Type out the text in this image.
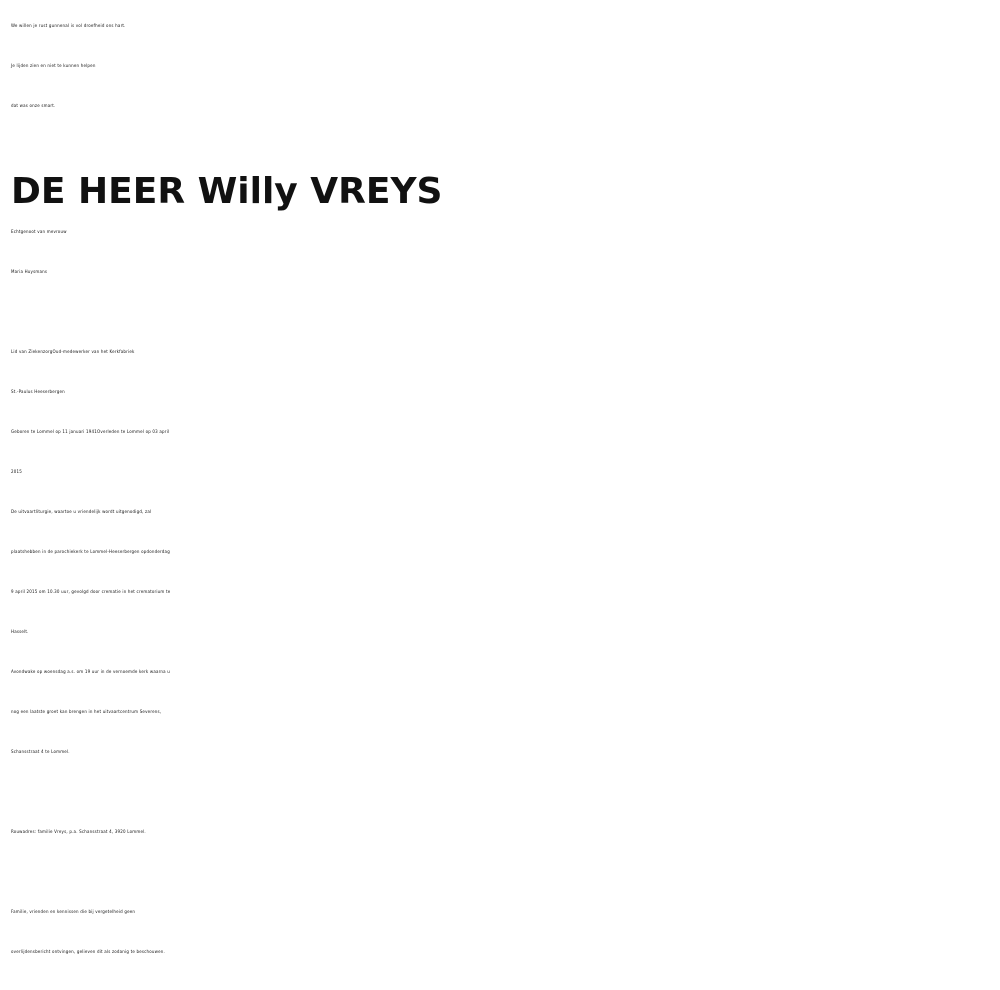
We willen je rust gunnenal is vol droefheid ons hart.
Je lijden zien en niet te kunnen helpen
dat was onze smart.
DE HEER Willy VREYS
Echtgenoot van mevrouw
Maria Huysmans
Lid van ZiekenzorgOud-medewerker van het Kerkfabriek
St.-Paulus Heeserbergen
Geboren te Lommel op 11 januari 1941Overleden te Lommel op 03 april
2015
De uitvaartliturgie, waartoe u vriendelijk wordt uitgenodigd, zal
plaatshebben in de parochiekerk te Lommel-Heeserbergen opdonderdag
9 april 2015 om 10.30 uur, gevolgd door crematie in het crematorium te
Hasselt.
Avondwake op woensdag a.s. om 19 uur in de vernoemde kerk waarna u
nog een laatste groet kan brengen in het uitvaartcentrum Severens,
Schansstraat 4 te Lommel.
Rouwadres: familie Vreys, p.a. Schansstraat 4, 3920 Lommel.
Familie, vrienden en kennissen die bij vergetelheid geen
overlijdensbericht ontvingen, gelieven dit als zodanig te beschouwen.
